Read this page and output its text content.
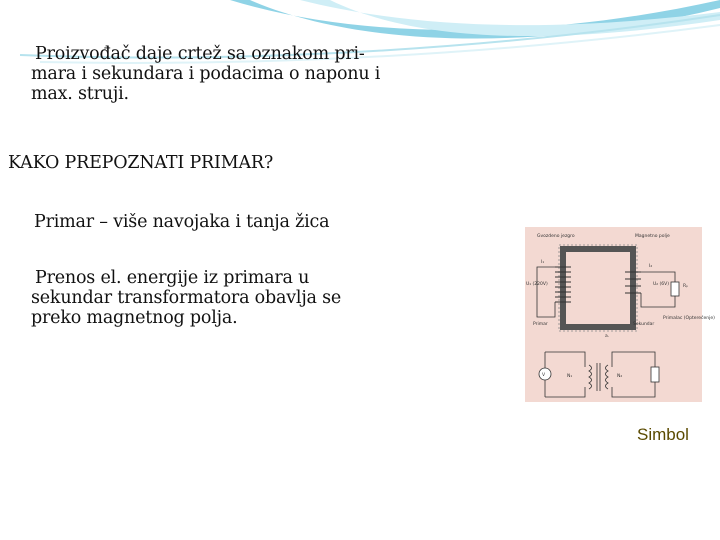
Proizvođač daje crtež sa oznakom pri-mara i sekundara i podacima o naponu i max. struji.

KAKO PREPOZNATI PRIMAR?

Primar – više navojaka i tanja žica

Prenos el. energije iz primara u sekundar transformatora obavlja se preko magnetnog polja.

Gvozdeno jezgro	Magnetno polje
U₁ (220V)
I₁
I₂
U₂ (6V)	Rₚ
Primar	Sekundar
Primalac (Opterećenje)
a.
V	N₁	N₂
Simbol
